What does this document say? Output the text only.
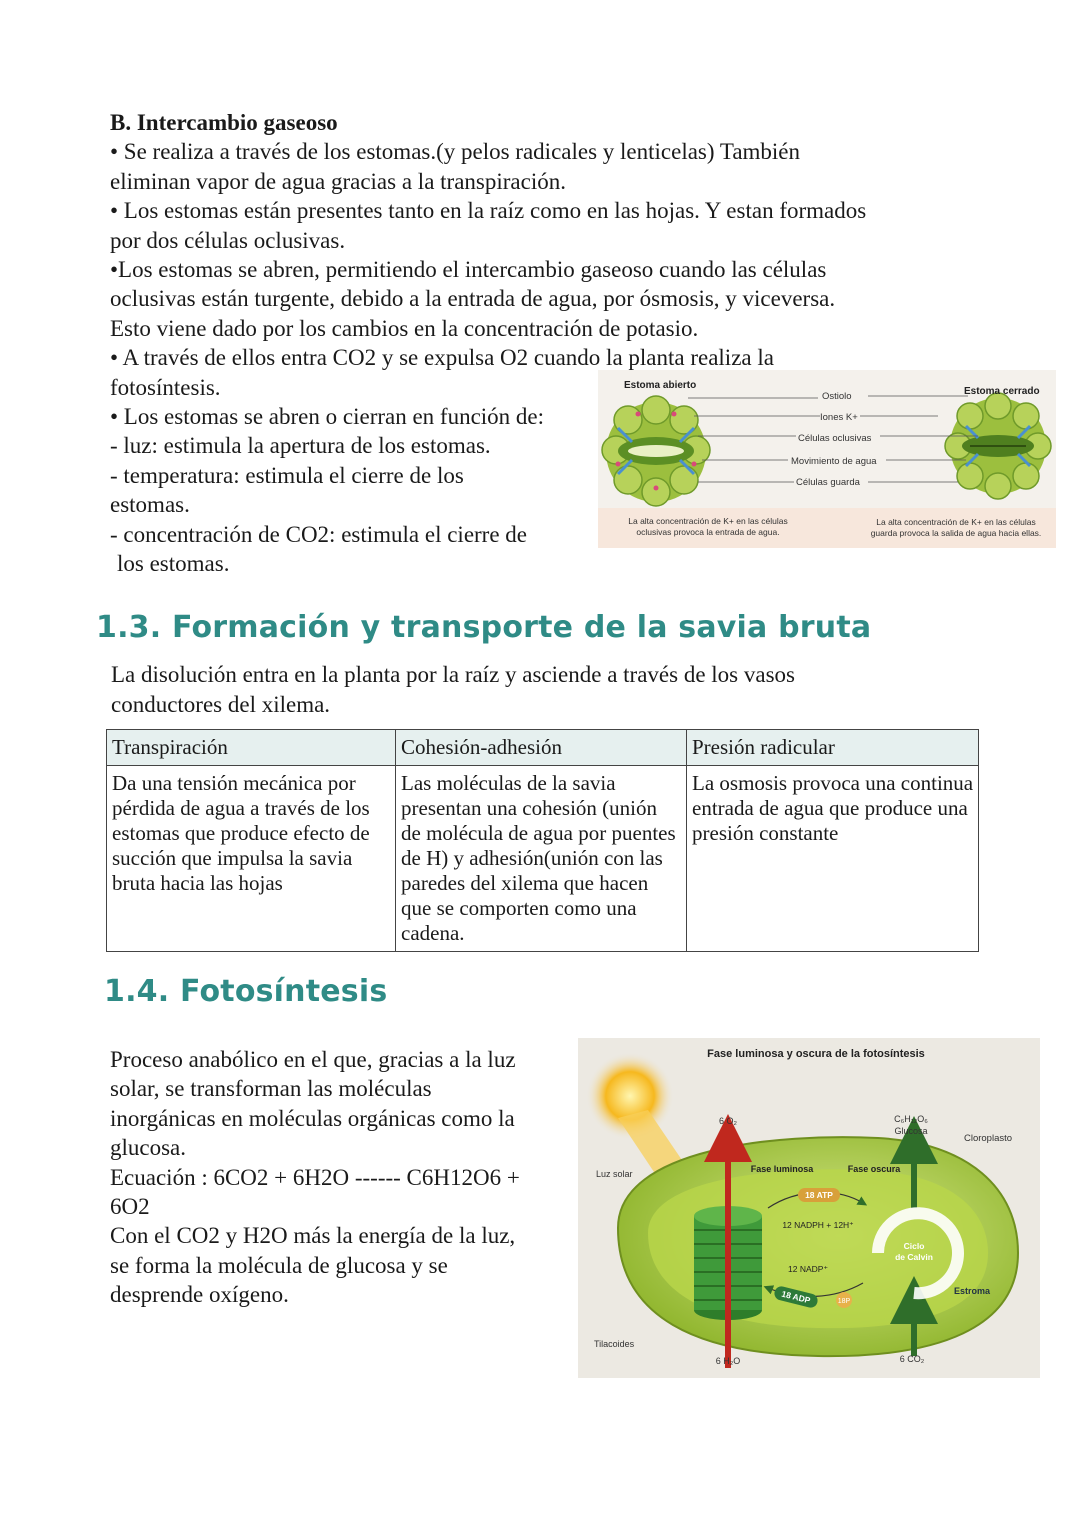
B. Intercambio gaseoso

• Se realiza a través de los estomas.(y pelos radicales y lenticelas) También

eliminan vapor de agua gracias a la transpiración.

• Los estomas están presentes tanto en la raíz como en las hojas. Y estan formados

por dos células oclusivas.

•Los estomas se abren, permitiendo el intercambio gaseoso cuando las células

oclusivas están turgente, debido a la entrada de agua, por ósmosis, y viceversa.

Esto viene dado por los cambios en la concentración de potasio.

• A través de ellos entra CO2 y se expulsa O2 cuando la planta realiza la

fotosíntesis.

• Los estomas se abren o cierran en función de:

- luz: estimula la apertura de los estomas.

- temperatura: estimula el cierre de los

estomas.

- concentración de CO2: estimula el cierre de

los estomas.

Estoma abierto
Estoma cerrado
Ostiolo
Iones K+
Células oclusivas
Movimiento de agua
Células guarda
La alta concentración de K+ en las células
oclusivas provoca la entrada de agua.
La alta concentración de K+ en las células
guarda provoca la salida de agua hacia ellas.
1.3. Formación y transporte de la savia bruta
La disolución entra en la planta por la raíz y asciende a través de los vasos
conductores del xilema.
Transpiración	Cohesión-adhesión	Presión radicular
Da una tensión mecánica por pérdida de agua a través de los estomas que produce efecto de succión que impulsa la savia bruta hacia las hojas	Las moléculas de la savia presentan una cohesión (unión de molécula de agua por puentes de H) y adhesión(unión con las paredes del xilema que hacen que se comporten como una cadena.	La osmosis provoca una continua entrada de agua que produce una presión constante
1.4. Fotosíntesis

Proceso anabólico en el que, gracias a la luz

solar, se transforman las moléculas

inorgánicas en moléculas orgánicas como la

glucosa.

Ecuación : 6CO2 + 6H2O ------ C6H12O6 +

6O2

Con el CO2 y H2O más la energía de la luz,

se forma la molécula de glucosa y se

desprende oxígeno.

Fase luminosa y oscura de la fotosíntesis
6 O₂	C₆H₁₂O₆
Glucosa
Cloroplasto
Luz solar	Fase luminosa	Fase oscura
18 ATP
12 NADPH + 12H⁺
Ciclo
de Calvin
12 NADP⁺
18 ADP	18P
Estroma
Tilacoides
6 H₂O	6 CO₂
